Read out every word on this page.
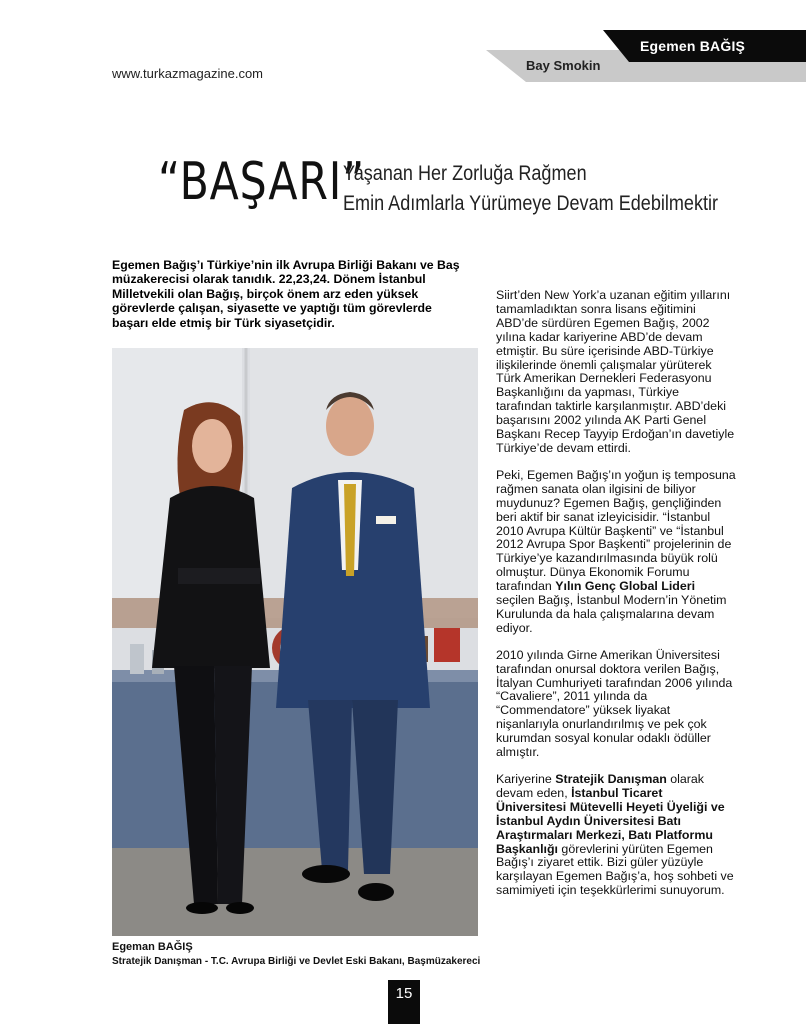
www.turkazmagazine.com
Bay Smokin
Egemen BAĞIŞ
“BAŞARI”
Yaşanan Her Zorluğa Rağmen
Emin Adımlarla Yürümeye Devam Edebilmektir
Egemen Bağış’ı Türkiye’nin ilk Avrupa Birliği Bakanı ve Baş müzakerecisi olarak tanıdık. 22,23,24. Dönem İstanbul Milletvekili olan Bağış, birçok önem arz eden yüksek görevlerde çalışan, siyasette ve yaptığı tüm görevlerde başarı elde etmiş bir Türk siyasetçidir.
Egeman BAĞIŞ
Stratejik Danışman - T.C. Avrupa Birliği ve Devlet Eski Bakanı, Başmüzakereci

Siirt’den New York’a uzanan eğitim yıllarını tamamladıktan sonra lisans eğitimini ABD’de sürdüren Egemen Bağış, 2002 yılına kadar kariyerine ABD’de devam etmiştir. Bu süre içerisinde ABD-Türkiye ilişkilerinde önemli çalışmalar yürüterek Türk Amerikan Dernekleri Federasyonu Başkanlığını da yapması, Türkiye tarafından taktirle karşılanmıştır. ABD’deki başarısını 2002 yılında AK Parti Genel Başkanı Recep Tayyip Erdoğan’ın davetiyle Türkiye’de devam ettirdi.

Peki, Egemen Bağış’ın yoğun iş temposuna rağmen sanata olan ilgisini de biliyor muydunuz? Egemen Bağış, gençliğinden beri aktif bir sanat izleyicisidir. “İstanbul 2010 Avrupa Kültür Başkenti” ve “İstanbul 2012 Avrupa Spor Başkenti” projelerinin de Türkiye’ye kazandırılmasında büyük rolü olmuştur. Dünya Ekonomik Forumu tarafından Yılın Genç Global Lideri seçilen Bağış, İstanbul Modern’in Yönetim Kurulunda da hala çalışmalarına devam ediyor.

2010 yılında Girne Amerikan Üniversitesi tarafından onursal doktora verilen Bağış, İtalyan Cumhuriyeti tarafından 2006 yılında “Cavaliere”, 2011 yılında da “Commendatore” yüksek liyakat nişanlarıyla onurlandırılmış ve pek çok kurumdan sosyal konular odaklı ödüller almıştır.

Kariyerine Stratejik Danışman olarak devam eden, İstanbul Ticaret Üniversitesi Mütevelli Heyeti Üyeliği ve İstanbul Aydın Üniversitesi Batı Araştırmaları Merkezi, Batı Platformu Başkanlığı görevlerini yürüten Egemen Bağış’ı ziyaret ettik. Bizi güler yüzüyle karşılayan Egemen Bağış’a, hoş sohbeti ve samimiyeti için teşekkürlerimi sunuyorum.

15
